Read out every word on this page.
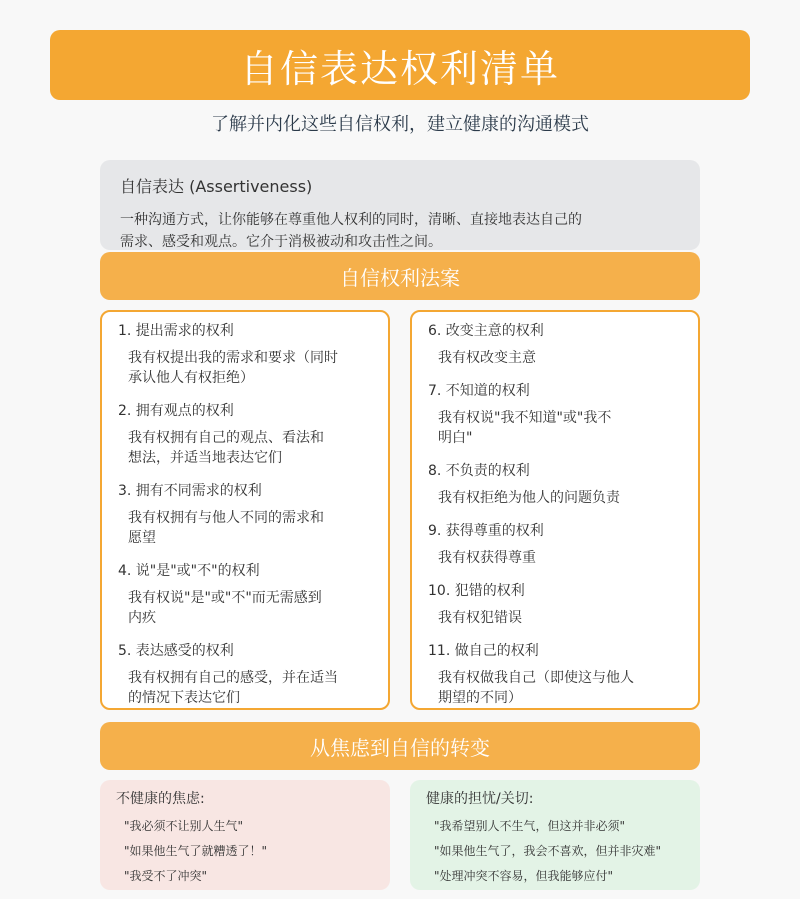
自信表达权利清单
了解并内化这些自信权利，建立健康的沟通模式
自信表达 (Assertiveness)
一种沟通方式，让你能够在尊重他人权利的同时，清晰、直接地表达自己的
需求、感受和观点。它介于消极被动和攻击性之间。
自信权利法案
1. 提出需求的权利
我有权提出我的需求和要求（同时
承认他人有权拒绝）
2. 拥有观点的权利
我有权拥有自己的观点、看法和
想法，并适当地表达它们
3. 拥有不同需求的权利
我有权拥有与他人不同的需求和
愿望
4. 说"是"或"不"的权利
我有权说"是"或"不"而无需感到
内疚
5. 表达感受的权利
我有权拥有自己的感受，并在适当
的情况下表达它们
6. 改变主意的权利
我有权改变主意
7. 不知道的权利
我有权说"我不知道"或"我不
明白"
8. 不负责的权利
我有权拒绝为他人的问题负责
9. 获得尊重的权利
我有权获得尊重
10. 犯错的权利
我有权犯错误
11. 做自己的权利
我有权做我自己（即使这与他人
期望的不同）
从焦虑到自信的转变
不健康的焦虑:
"我必须不让别人生气"
"如果他生气了就糟透了！"
"我受不了冲突"
健康的担忧/关切:
"我希望别人不生气，但这并非必须"
"如果他生气了，我会不喜欢，但并非灾难"
"处理冲突不容易，但我能够应付"
